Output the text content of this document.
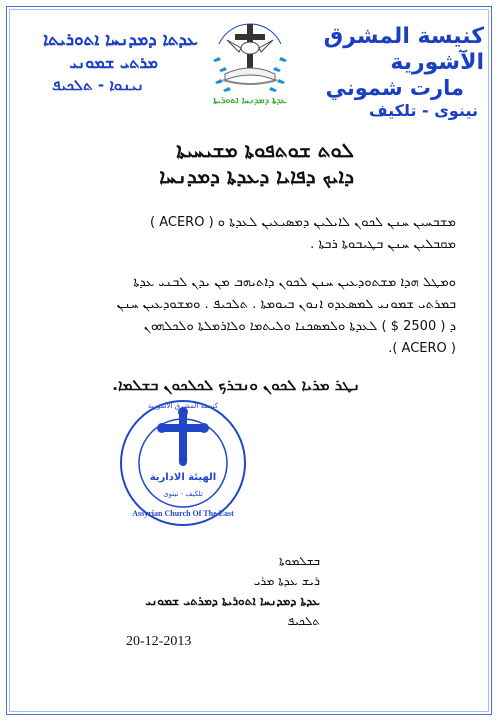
كنيسة المشرق الآشورية
مارت شموني
نينوى - تلكيف
ܥܕܬܐ ܕܡܕܢܚܐ ܐܬܘܪܝܬܐ
ܡܪܬܝ ܫܡܘܢܝ
ܢܝܢܘܐ - ܬܠܟܝܦ
ܥܕܬܐ ܕܡܕܢܚܐ ܐܬܘܪܝܬܐ
ܠܘܬ ܫܘܬܦܘܬܐ ܡܫܝܚܝܬܐ
ܕܐܝܟ ܕܦܐܝܐ ܕܥܕܬܐ ܕܡܕܢܚܐ
ܡܫܒܚܝܢ ܚܢܢ ܠܟܘܢ ܠܐܝܠܝܢ ܕܡܣܝܥܝܢ ܠܥܕܬܐ ܘ ( ACERO )
ܡܩܒܠܝܢ ܚܢܢ ܒܛܝܒܘܬܐ ܪܒܬܐ .
ܘܡܛܠ ܗܕܐ ܡܫܬܘܕܥܝܢ ܚܢܢ ܠܟܘܢ ܕܐܬܝܗܒ ܡܢ ܝܕܢ ܠܒܢܝ ܥܕܬܐ
ܒܡܪܬܝ ܫܡܘܢܝ ܠܡܣܥܕܘ ܐܢܘܢ ܒܝܘܡܬܐ . ܬܠܟܝܦ . ܘܡܫܘܕܥܝܢ ܚܢܢ
ܕ ( 2500 $ ) ܠܥܕܬܐ ܘܠܡܣܟܢܐ ܘܠܝܬܡܐ ܘܠܐܪܡܠܬܐ ܘܠܟܠܗܘܢ
( ACERO ).
ܢܛܪ ܡܪܝܐ ܠܟܘܢ ܘܢܒܪܟ ܠܟܠܟܘܢ ܒܫܠܡܐ.
الهيئة الادارية
تلكيف - نينوى
Assyrian Church Of The East
كنيسة المشرق الآشورية
ܒܫܠܡܘܬܐ
ܪܝܫ ܥܕܬܐ ܡܪܝ
ܥܕܬܐ ܕܡܕܢܚܐ ܐܬܘܪܝܬܐ ܕܡܪܬܝ ܫܡܘܢܝ
ܬܠܟܝܦ
20-12-2013
